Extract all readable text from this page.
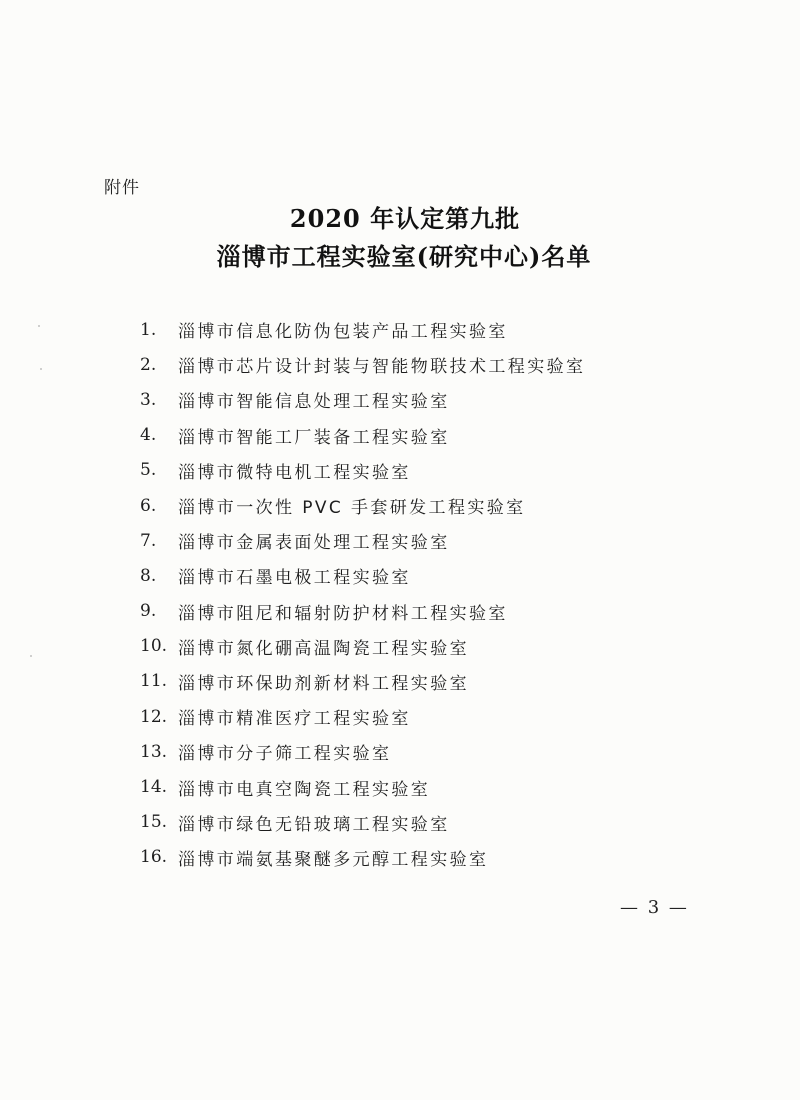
附件
2020 年认定第九批
淄博市工程实验室(研究中心)名单
1.	淄博市信息化防伪包装产品工程实验室
2.	淄博市芯片设计封装与智能物联技术工程实验室
3.	淄博市智能信息处理工程实验室
4.	淄博市智能工厂装备工程实验室
5.	淄博市微特电机工程实验室
6.	淄博市一次性 PVC 手套研发工程实验室
7.	淄博市金属表面处理工程实验室
8.	淄博市石墨电极工程实验室
9.	淄博市阻尼和辐射防护材料工程实验室
10. 淄博市氮化硼高温陶瓷工程实验室
11. 淄博市环保助剂新材料工程实验室
12. 淄博市精准医疗工程实验室
13. 淄博市分子筛工程实验室
14. 淄博市电真空陶瓷工程实验室
15. 淄博市绿色无铅玻璃工程实验室
16. 淄博市端氨基聚醚多元醇工程实验室
— 3 —
